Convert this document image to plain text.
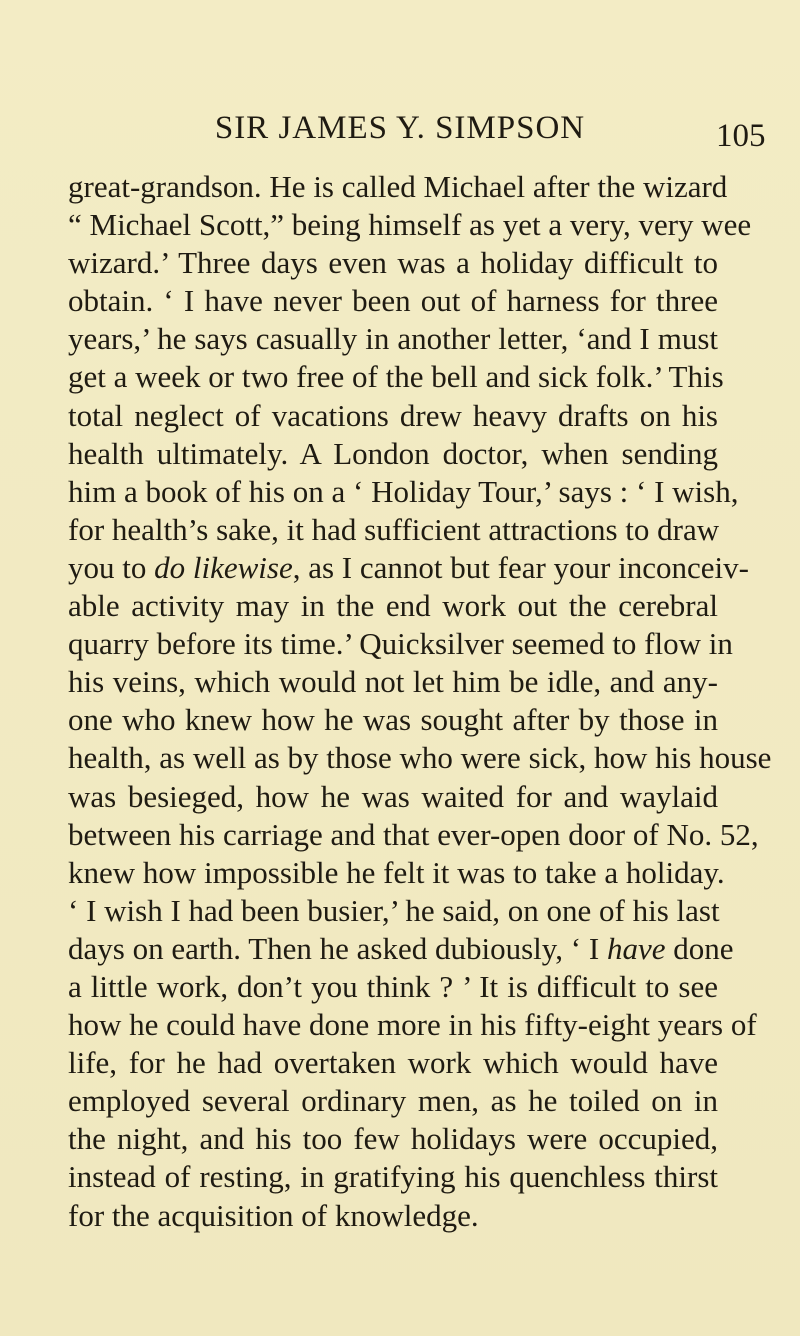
SIR JAMES Y. SIMPSON	105
great-grandson. He is called Michael after the wizard
“ Michael Scott,” being himself as yet a very, very wee
wizard.’ Three days even was a holiday difficult to
obtain. ‘ I have never been out of harness for three
years,’ he says casually in another letter, ‘and I must
get a week or two free of the bell and sick folk.’ This
total neglect of vacations drew heavy drafts on his
health ultimately. A London doctor, when sending
him a book of his on a ‘ Holiday Tour,’ says : ‘ I wish,
for health’s sake, it had sufficient attractions to draw
you to do likewise, as I cannot but fear your inconceiv-
able activity may in the end work out the cerebral
quarry before its time.’ Quicksilver seemed to flow in
his veins, which would not let him be idle, and any-
one who knew how he was sought after by those in
health, as well as by those who were sick, how his house
was besieged, how he was waited for and waylaid
between his carriage and that ever-open door of No. 52,
knew how impossible he felt it was to take a holiday.
‘ I wish I had been busier,’ he said, on one of his last
days on earth. Then he asked dubiously, ‘ I have done
a little work, don’t you think ? ’ It is difficult to see
how he could have done more in his fifty-eight years of
life, for he had overtaken work which would have
employed several ordinary men, as he toiled on in
the night, and his too few holidays were occupied,
instead of resting, in gratifying his quenchless thirst
for the acquisition of knowledge.
